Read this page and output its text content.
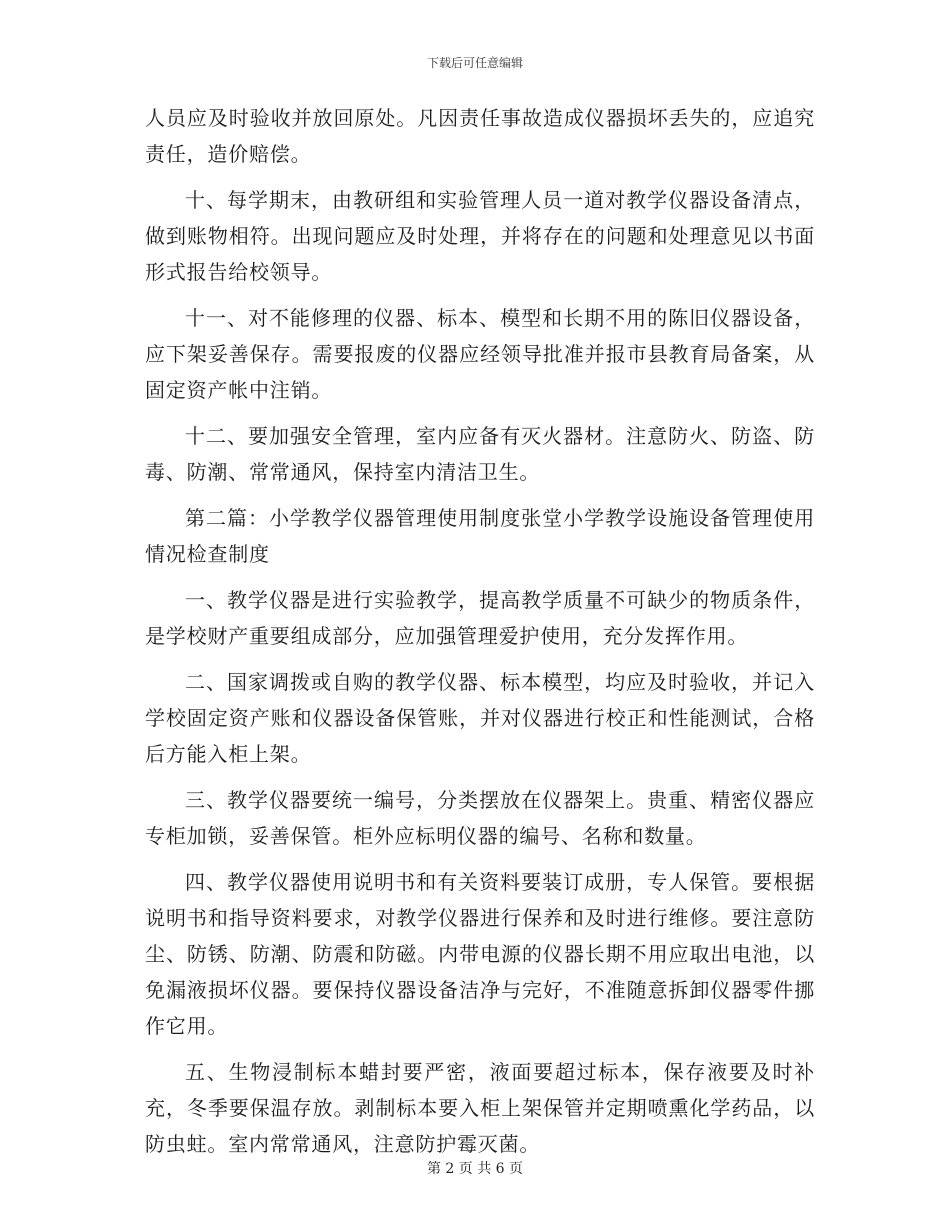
下载后可任意编辑

人员应及时验收并放回原处。凡因责任事故造成仪器损坏丢失的，应追究责任，造价赔偿。

十、每学期末，由教研组和实验管理人员一道对教学仪器设备清点，做到账物相符。出现问题应及时处理，并将存在的问题和处理意见以书面形式报告给校领导。

十一、对不能修理的仪器、标本、模型和长期不用的陈旧仪器设备，应下架妥善保存。需要报废的仪器应经领导批准并报市县教育局备案，从固定资产帐中注销。

十二、要加强安全管理，室内应备有灭火器材。注意防火、防盗、防毒、防潮、常常通风，保持室内清洁卫生。

第二篇：小学教学仪器管理使用制度张堂小学教学设施设备管理使用情况检查制度

一、教学仪器是进行实验教学，提高教学质量不可缺少的物质条件，是学校财产重要组成部分，应加强管理爱护使用，充分发挥作用。

二、国家调拨或自购的教学仪器、标本模型，均应及时验收，并记入学校固定资产账和仪器设备保管账，并对仪器进行校正和性能测试，合格后方能入柜上架。

三、教学仪器要统一编号，分类摆放在仪器架上。贵重、精密仪器应专柜加锁，妥善保管。柜外应标明仪器的编号、名称和数量。

四、教学仪器使用说明书和有关资料要装订成册，专人保管。要根据说明书和指导资料要求，对教学仪器进行保养和及时进行维修。要注意防尘、防锈、防潮、防震和防磁。内带电源的仪器长期不用应取出电池，以免漏液损坏仪器。要保持仪器设备洁净与完好，不准随意拆卸仪器零件挪作它用。

五、生物浸制标本蜡封要严密，液面要超过标本，保存液要及时补充，冬季要保温存放。剥制标本要入柜上架保管并定期喷熏化学药品，以防虫蛀。室内常常通风，注意防护霉灭菌。

第 2 页 共 6 页
